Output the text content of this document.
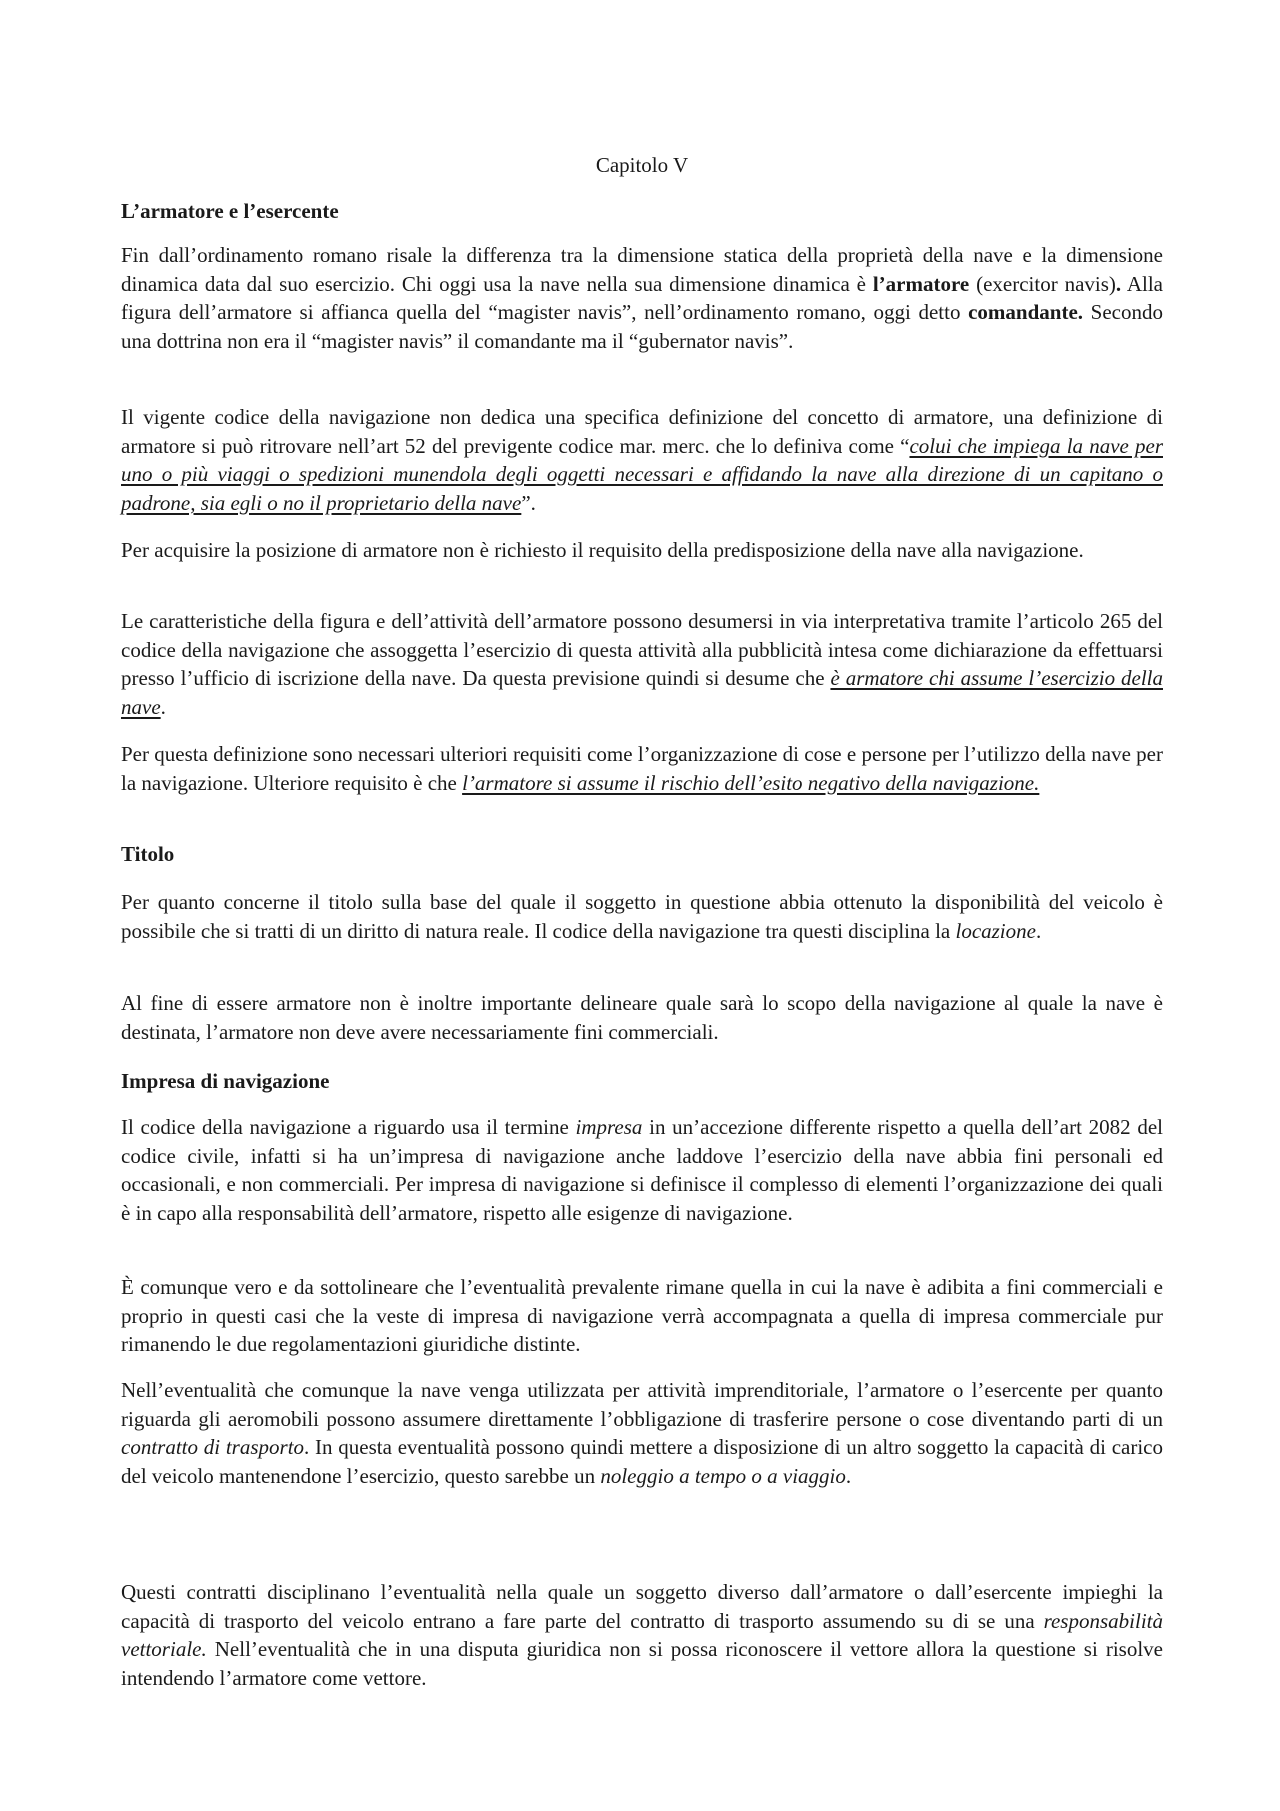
Capitolo V

L’armatore e l’esercente

Fin dall’ordinamento romano risale la differenza tra la dimensione statica della proprietà della nave e la dimensione dinamica data dal suo esercizio. Chi oggi usa la nave nella sua dimensione dinamica è l’armatore (exercitor navis). Alla figura dell’armatore si affianca quella del “magister navis”, nell’ordinamento romano, oggi detto comandante. Secondo una dottrina non era il “magister navis” il comandante ma il “gubernator navis”.

Il vigente codice della navigazione non dedica una specifica definizione del concetto di armatore, una definizione di armatore si può ritrovare nell’art 52 del previgente codice mar. merc. che lo definiva come “colui che impiega la nave per uno o più viaggi o spedizioni munendola degli oggetti necessari e affidando la nave alla direzione di un capitano o padrone, sia egli o no il proprietario della nave”.

Per acquisire la posizione di armatore non è richiesto il requisito della predisposizione della nave alla navigazione.

Le caratteristiche della figura e dell’attività dell’armatore possono desumersi in via interpretativa tramite l’articolo 265 del codice della navigazione che assoggetta l’esercizio di questa attività alla pubblicità intesa come dichiarazione da effettuarsi presso l’ufficio di iscrizione della nave. Da questa previsione quindi si desume che è armatore chi assume l’esercizio della nave.

Per questa definizione sono necessari ulteriori requisiti come l’organizzazione di cose e persone per l’utilizzo della nave per la navigazione. Ulteriore requisito è che l’armatore si assume il rischio dell’esito negativo della navigazione.

Titolo

Per quanto concerne il titolo sulla base del quale il soggetto in questione abbia ottenuto la disponibilità del veicolo è possibile che si tratti di un diritto di natura reale. Il codice della navigazione tra questi disciplina la locazione.

Al fine di essere armatore non è inoltre importante delineare quale sarà lo scopo della navigazione al quale la nave è destinata, l’armatore non deve avere necessariamente fini commerciali.

Impresa di navigazione

Il codice della navigazione a riguardo usa il termine impresa in un’accezione differente rispetto a quella dell’art 2082 del codice civile, infatti si ha un’impresa di navigazione anche laddove l’esercizio della nave abbia fini personali ed occasionali, e non commerciali. Per impresa di navigazione si definisce il complesso di elementi l’organizzazione dei quali è in capo alla responsabilità dell’armatore, rispetto alle esigenze di navigazione.

È comunque vero e da sottolineare che l’eventualità prevalente rimane quella in cui la nave è adibita a fini commerciali e proprio in questi casi che la veste di impresa di navigazione verrà accompagnata a quella di impresa commerciale pur rimanendo le due regolamentazioni giuridiche distinte.

Nell’eventualità che comunque la nave venga utilizzata per attività imprenditoriale, l’armatore o l’esercente per quanto riguarda gli aeromobili possono assumere direttamente l’obbligazione di trasferire persone o cose diventando parti di un contratto di trasporto. In questa eventualità possono quindi mettere a disposizione di un altro soggetto la capacità di carico del veicolo mantenendone l’esercizio, questo sarebbe un noleggio a tempo o a viaggio.

Questi contratti disciplinano l’eventualità nella quale un soggetto diverso dall’armatore o dall’esercente impieghi la capacità di trasporto del veicolo entrano a fare parte del contratto di trasporto assumendo su di se una responsabilità vettoriale. Nell’eventualità che in una disputa giuridica non si possa riconoscere il vettore allora la questione si risolve intendendo l’armatore come vettore.
